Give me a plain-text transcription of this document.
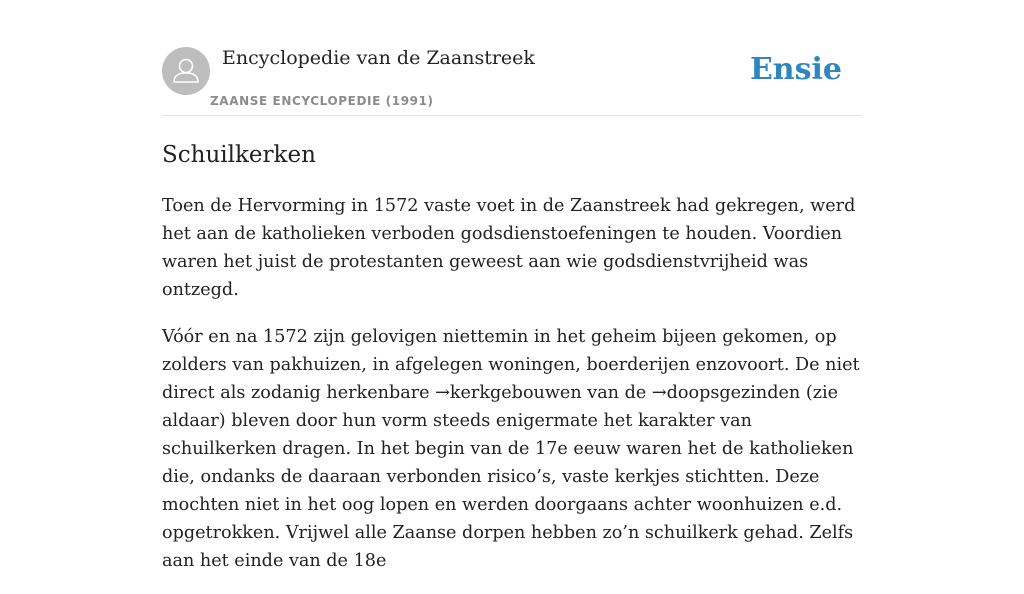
Encyclopedie van de Zaanstreek
ZAANSE ENCYCLOPEDIE (1991)
Ensie
Schuilkerken

Toen de Hervorming in 1572 vaste voet in de Zaanstreek had gekregen, werd het aan de katholieken verboden godsdienstoefeningen te houden. Voordien waren het juist de protestanten geweest aan wie godsdienstvrijheid was ontzegd.

Vóór en na 1572 zijn gelovigen niettemin in het geheim bijeen gekomen, op zolders van pakhuizen, in afgelegen woningen, boerderijen enzovoort. De niet direct als zodanig herkenbare →kerkgebouwen van de →doopsgezinden (zie aldaar) bleven door hun vorm steeds enigermate het karakter van schuilkerken dragen. In het begin van de 17e eeuw waren het de katholieken die, ondanks de daaraan verbonden risico’s, vaste kerkjes stichtten. Deze mochten niet in het oog lopen en werden doorgaans achter woonhuizen e.d. opgetrokken. Vrijwel alle Zaanse dorpen hebben zo’n schuilkerk gehad. Zelfs aan het einde van de 18e
